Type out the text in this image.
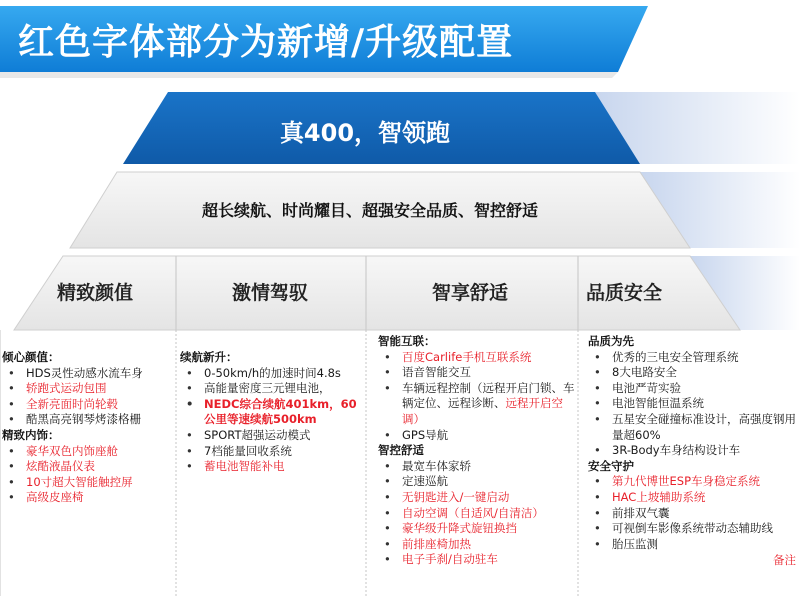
红色字体部分为新增/升级配置
真400，智领跑
超长续航、时尚耀目、超强安全品质、智控舒适
精致颜值	激情驾驭	智享舒适	品质安全
倾心颜值：
• HDS灵性动感水流车身
• 轿跑式运动包围
• 全新亮面时尚轮毂
• 酷黑高亮钢琴烤漆格栅
精致内饰：
• 豪华双色内饰座舱
• 炫酷液晶仪表
• 10寸超大智能触控屏
• 高级皮座椅
续航新升：
• 0-50km/h的加速时间4.8s
• 高能量密度三元锂电池，
• NEDC综合续航401km，60公里等速续航500km
• SPORT超强运动模式
• 7档能量回收系统
• 蓄电池智能补电
智能互联：
• 百度Carlife手机互联系统
• 语音智能交互
• 车辆远程控制（远程开启门锁、车辆定位、远程诊断、远程开启空调）
• GPS导航
智控舒适
• 最宽车体家轿
• 定速巡航
• 无钥匙进入/一键启动
• 自动空调（自适风/自清洁）
• 豪华级升降式旋钮换挡
• 前排座椅加热
• 电子手刹/自动驻车
品质为先
• 优秀的三电安全管理系统
• 8大电路安全
• 电池严苛实验
• 电池智能恒温系统
• 五星安全碰撞标准设计，高强度钢用量超60%
• 3R-Body车身结构设计车
安全守护
• 第九代博世ESP车身稳定系统
• HAC上坡辅助系统
• 前排双气囊
• 可视倒车影像系统带动态辅助线
• 胎压监测
备注
